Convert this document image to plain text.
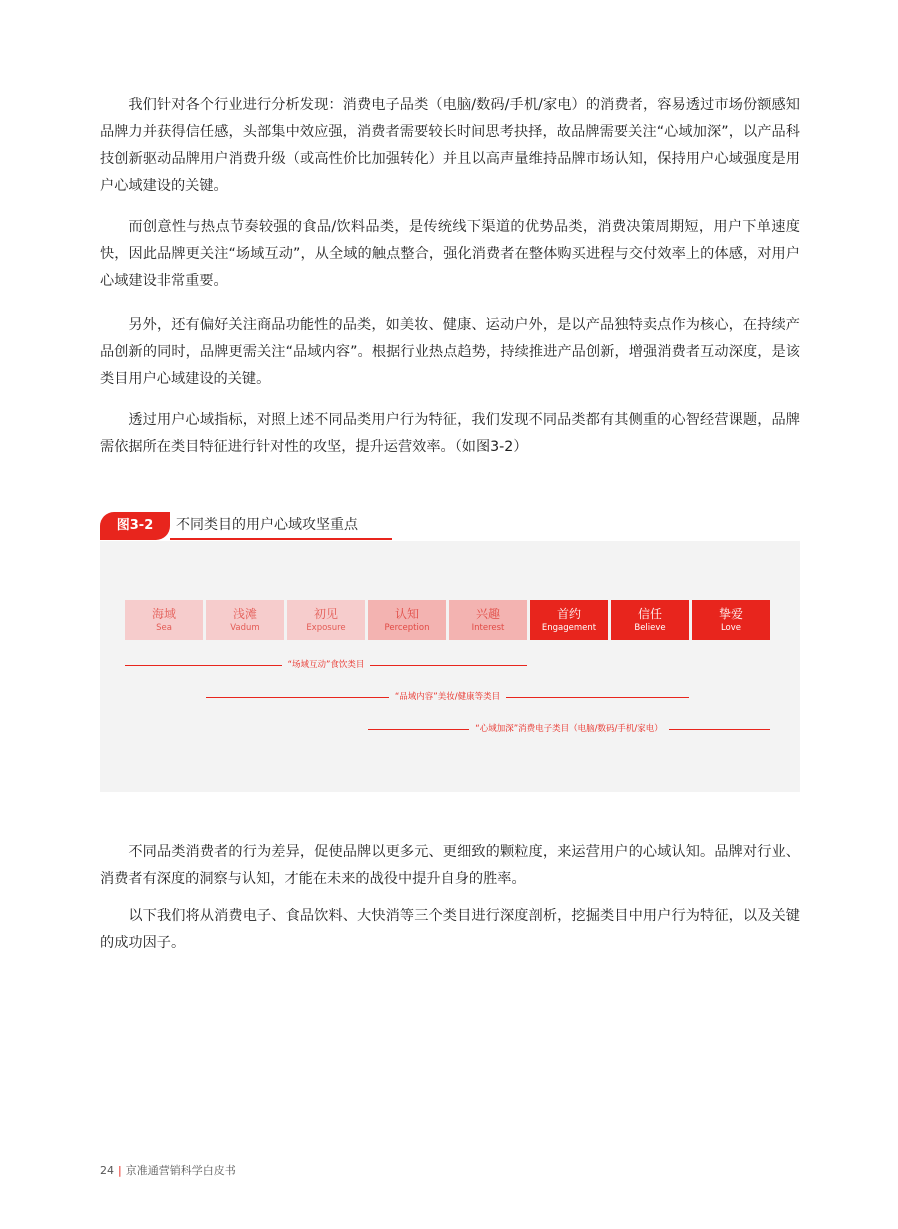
我们针对各个行业进行分析发现：消费电子品类（电脑/数码/手机/家电）的消费者，容易透过市场份额感知品牌力并获得信任感，头部集中效应强，消费者需要较长时间思考抉择，故品牌需要关注“心域加深”，以产品科技创新驱动品牌用户消费升级（或高性价比加强转化）并且以高声量维持品牌市场认知，保持用户心域强度是用户心域建设的关键。

而创意性与热点节奏较强的食品/饮料品类，是传统线下渠道的优势品类，消费决策周期短，用户下单速度快，因此品牌更关注“场域互动”，从全域的触点整合，强化消费者在整体购买进程与交付效率上的体感，对用户心域建设非常重要。

另外，还有偏好关注商品功能性的品类，如美妆、健康、运动户外，是以产品独特卖点作为核心，在持续产品创新的同时，品牌更需关注“品域内容”。根据行业热点趋势，持续推进产品创新，增强消费者互动深度，是该类目用户心域建设的关键。

透过用户心域指标，对照上述不同品类用户行为特征，我们发现不同品类都有其侧重的心智经营课题，品牌需依据所在类目特征进行针对性的攻坚，提升运营效率。（如图3-2）

图3-2	不同类目的用户心域攻坚重点
海域
Sea
浅滩
Vadum
初见
Exposure
认知
Perception
兴趣
Interest
首约
Engagement
信任
Believe
挚爱
Love
“场域互动”食饮类目
“品域内容”美妆/健康等类目
“心域加深”消费电子类目（电脑/数码/手机/家电）

不同品类消费者的行为差异，促使品牌以更多元、更细致的颗粒度，来运营用户的心域认知。品牌对行业、消费者有深度的洞察与认知，才能在未来的战役中提升自身的胜率。

以下我们将从消费电子、食品饮料、大快消等三个类目进行深度剖析，挖掘类目中用户行为特征，以及关键的成功因子。

24 | 京准通营销科学白皮书
